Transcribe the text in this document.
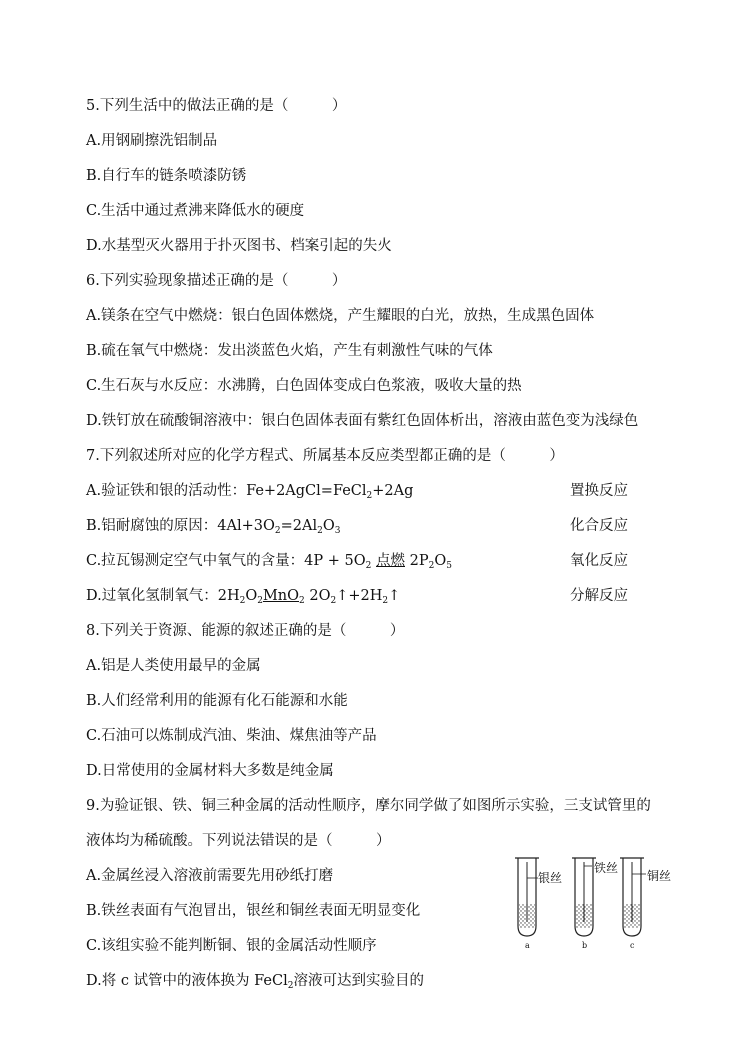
5.下列生活中的做法正确的是（　　　）
A.用钢刷擦洗铝制品
B.自行车的链条喷漆防锈
C.生活中通过煮沸来降低水的硬度
D.水基型灭火器用于扑灭图书、档案引起的失火
6.下列实验现象描述正确的是（　　　）
A.镁条在空气中燃烧：银白色固体燃烧，产生耀眼的白光，放热，生成黑色固体
B.硫在氧气中燃烧：发出淡蓝色火焰，产生有刺激性气味的气体
C.生石灰与水反应：水沸腾，白色固体变成白色浆液，吸收大量的热
D.铁钉放在硫酸铜溶液中：银白色固体表面有紫红色固体析出，溶液由蓝色变为浅绿色
7.下列叙述所对应的化学方程式、所属基本反应类型都正确的是（　　　）
A.验证铁和银的活动性：Fe+2AgCl=FeCl$_2$+2Ag	置换反应
B.铝耐腐蚀的原因：$4Al+3O_2=2Al_2O_3$	化合反应
C.拉瓦锡测定空气中氧气的含量：$4P + 5O_2$ 点燃 $2P_2O_5$	氧化反应
D.过氧化氢制氧气：$2H_2O_2MnO_2$ $2O_2↑+2H_2↑$	分解反应
8.下列关于资源、能源的叙述正确的是（　　　）
A.铝是人类使用最早的金属
B.人们经常利用的能源有化石能源和水能
C.石油可以炼制成汽油、柴油、煤焦油等产品
D.日常使用的金属材料大多数是纯金属
9.为验证银、铁、铜三种金属的活动性顺序，摩尔同学做了如图所示实验，三支试管里的
液体均为稀硫酸。下列说法错误的是（　　　）
A.金属丝浸入溶液前需要先用砂纸打磨
B.铁丝表面有气泡冒出，银丝和铜丝表面无明显变化
C.该组实验不能判断铜、银的金属活动性顺序
D.将 c 试管中的液体换为 FeCl$_2$溶液可达到实验目的
银丝
铁丝
铜丝
a	b	c
